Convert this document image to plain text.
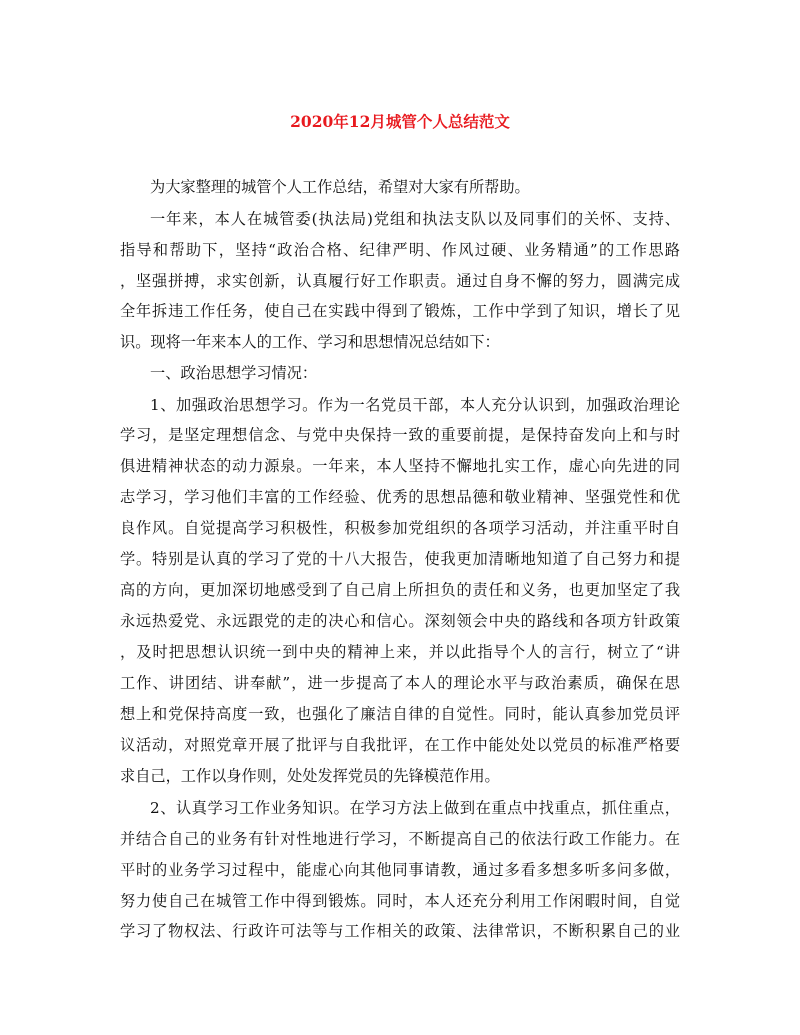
2020年12月城管个人总结范文
为大家整理的城管个人工作总结，希望对大家有所帮助。
一年来，本人在城管委(执法局)党组和执法支队以及同事们的关怀、支持、
指导和帮助下，坚持“政治合格、纪律严明、作风过硬、业务精通”的工作思路
，坚强拼搏，求实创新，认真履行好工作职责。通过自身不懈的努力，圆满完成
全年拆违工作任务，使自己在实践中得到了锻炼，工作中学到了知识，增长了见
识。现将一年来本人的工作、学习和思想情况总结如下：
一、政治思想学习情况：
1、加强政治思想学习。作为一名党员干部，本人充分认识到，加强政治理论
学习，是坚定理想信念、与党中央保持一致的重要前提，是保持奋发向上和与时
俱进精神状态的动力源泉。一年来，本人坚持不懈地扎实工作，虚心向先进的同
志学习，学习他们丰富的工作经验、优秀的思想品德和敬业精神、坚强党性和优
良作风。自觉提高学习积极性，积极参加党组织的各项学习活动，并注重平时自
学。特别是认真的学习了党的十八大报告，使我更加清晰地知道了自己努力和提
高的方向，更加深切地感受到了自己肩上所担负的责任和义务，也更加坚定了我
永远热爱党、永远跟党的走的决心和信心。深刻领会中央的路线和各项方针政策
，及时把思想认识统一到中央的精神上来，并以此指导个人的言行，树立了“讲
工作、讲团结、讲奉献”，进一步提高了本人的理论水平与政治素质，确保在思
想上和党保持高度一致，也强化了廉洁自律的自觉性。同时，能认真参加党员评
议活动，对照党章开展了批评与自我批评，在工作中能处处以党员的标准严格要
求自己，工作以身作则，处处发挥党员的先锋模范作用。
2、认真学习工作业务知识。在学习方法上做到在重点中找重点，抓住重点，
并结合自己的业务有针对性地进行学习，不断提高自己的依法行政工作能力。在
平时的业务学习过程中，能虚心向其他同事请教，通过多看多想多听多问多做，
努力使自己在城管工作中得到锻炼。同时，本人还充分利用工作闲暇时间，自觉
学习了物权法、行政许可法等与工作相关的政策、法律常识，不断积累自己的业
